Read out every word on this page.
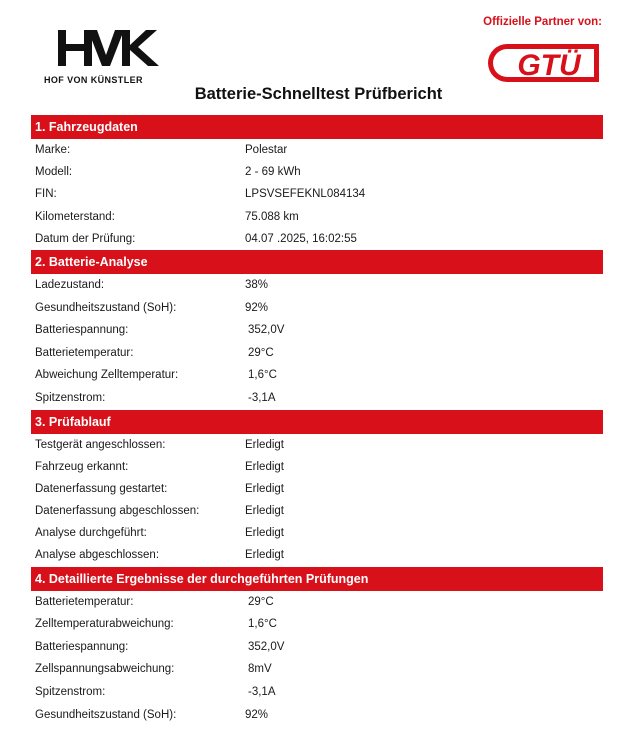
HOF VON KÜNSTLER
Offizielle Partner von:
GTÜ
Batterie-Schnelltest Prüfbericht
1. Fahrzeugdaten
Marke:	Polestar
Modell:	2 - 69 kWh
FIN:	LPSVSEFEKNL084134
Kilometerstand:	75.088 km
Datum der Prüfung:	04.07 .2025, 16:02:55
2. Batterie-Analyse
Ladezustand:	38%
Gesundheitszustand (SoH):	92%
Batteriespannung:	352,0V
Batterietemperatur:	29°C
Abweichung Zelltemperatur:	1,6°C
Spitzenstrom:	-3,1A
3. Prüfablauf
Testgerät angeschlossen:	Erledigt
Fahrzeug erkannt:	Erledigt
Datenerfassung gestartet:	Erledigt
Datenerfassung abgeschlossen:	Erledigt
Analyse durchgeführt:	Erledigt
Analyse abgeschlossen:	Erledigt
4. Detaillierte Ergebnisse der durchgeführten Prüfungen
Batterietemperatur:	29°C
Zelltemperaturabweichung:	1,6°C
Batteriespannung:	352,0V
Zellspannungsabweichung:	8mV
Spitzenstrom:	-3,1A
Gesundheitszustand (SoH):	92%
